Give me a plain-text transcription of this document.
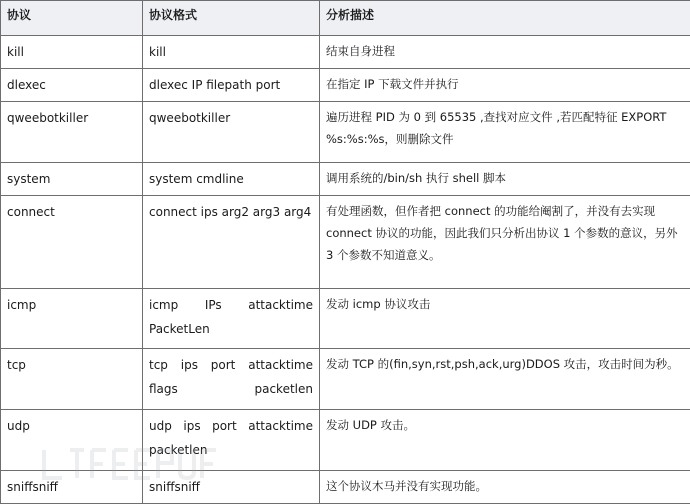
协议	协议格式	分析描述
kill	kill	结束自身进程
dlexec	dlexec IP filepath port	在指定 IP 下载文件并执行
qweebotkiller	qweebotkiller	遍历进程 PID 为 0 到 65535 ,查找对应文件 ,若匹配特征 EXPORT %s:%s:%s，则删除文件
system	system cmdline	调用系统的/bin/sh 执行 shell 脚本
connect	connect ips arg2 arg3 arg4	有处理函数，但作者把 connect 的功能给阉割了，并没有去实现 connect 协议的功能，因此我们只分析出协议 1 个参数的意议，另外 3 个参数不知道意义。
icmp	icmp IPs attacktime PacketLen	发动 icmp 协议攻击
tcp	tcp ips port attacktime flags packetlen	发动 TCP 的(fin,syn,rst,psh,ack,urg)DDOS 攻击，攻击时间为秒。
udp	udp ips port attacktime packetlen	发动 UDP 攻击。
sniffsniff	sniffsniff	这个协议木马并没有实现功能。
